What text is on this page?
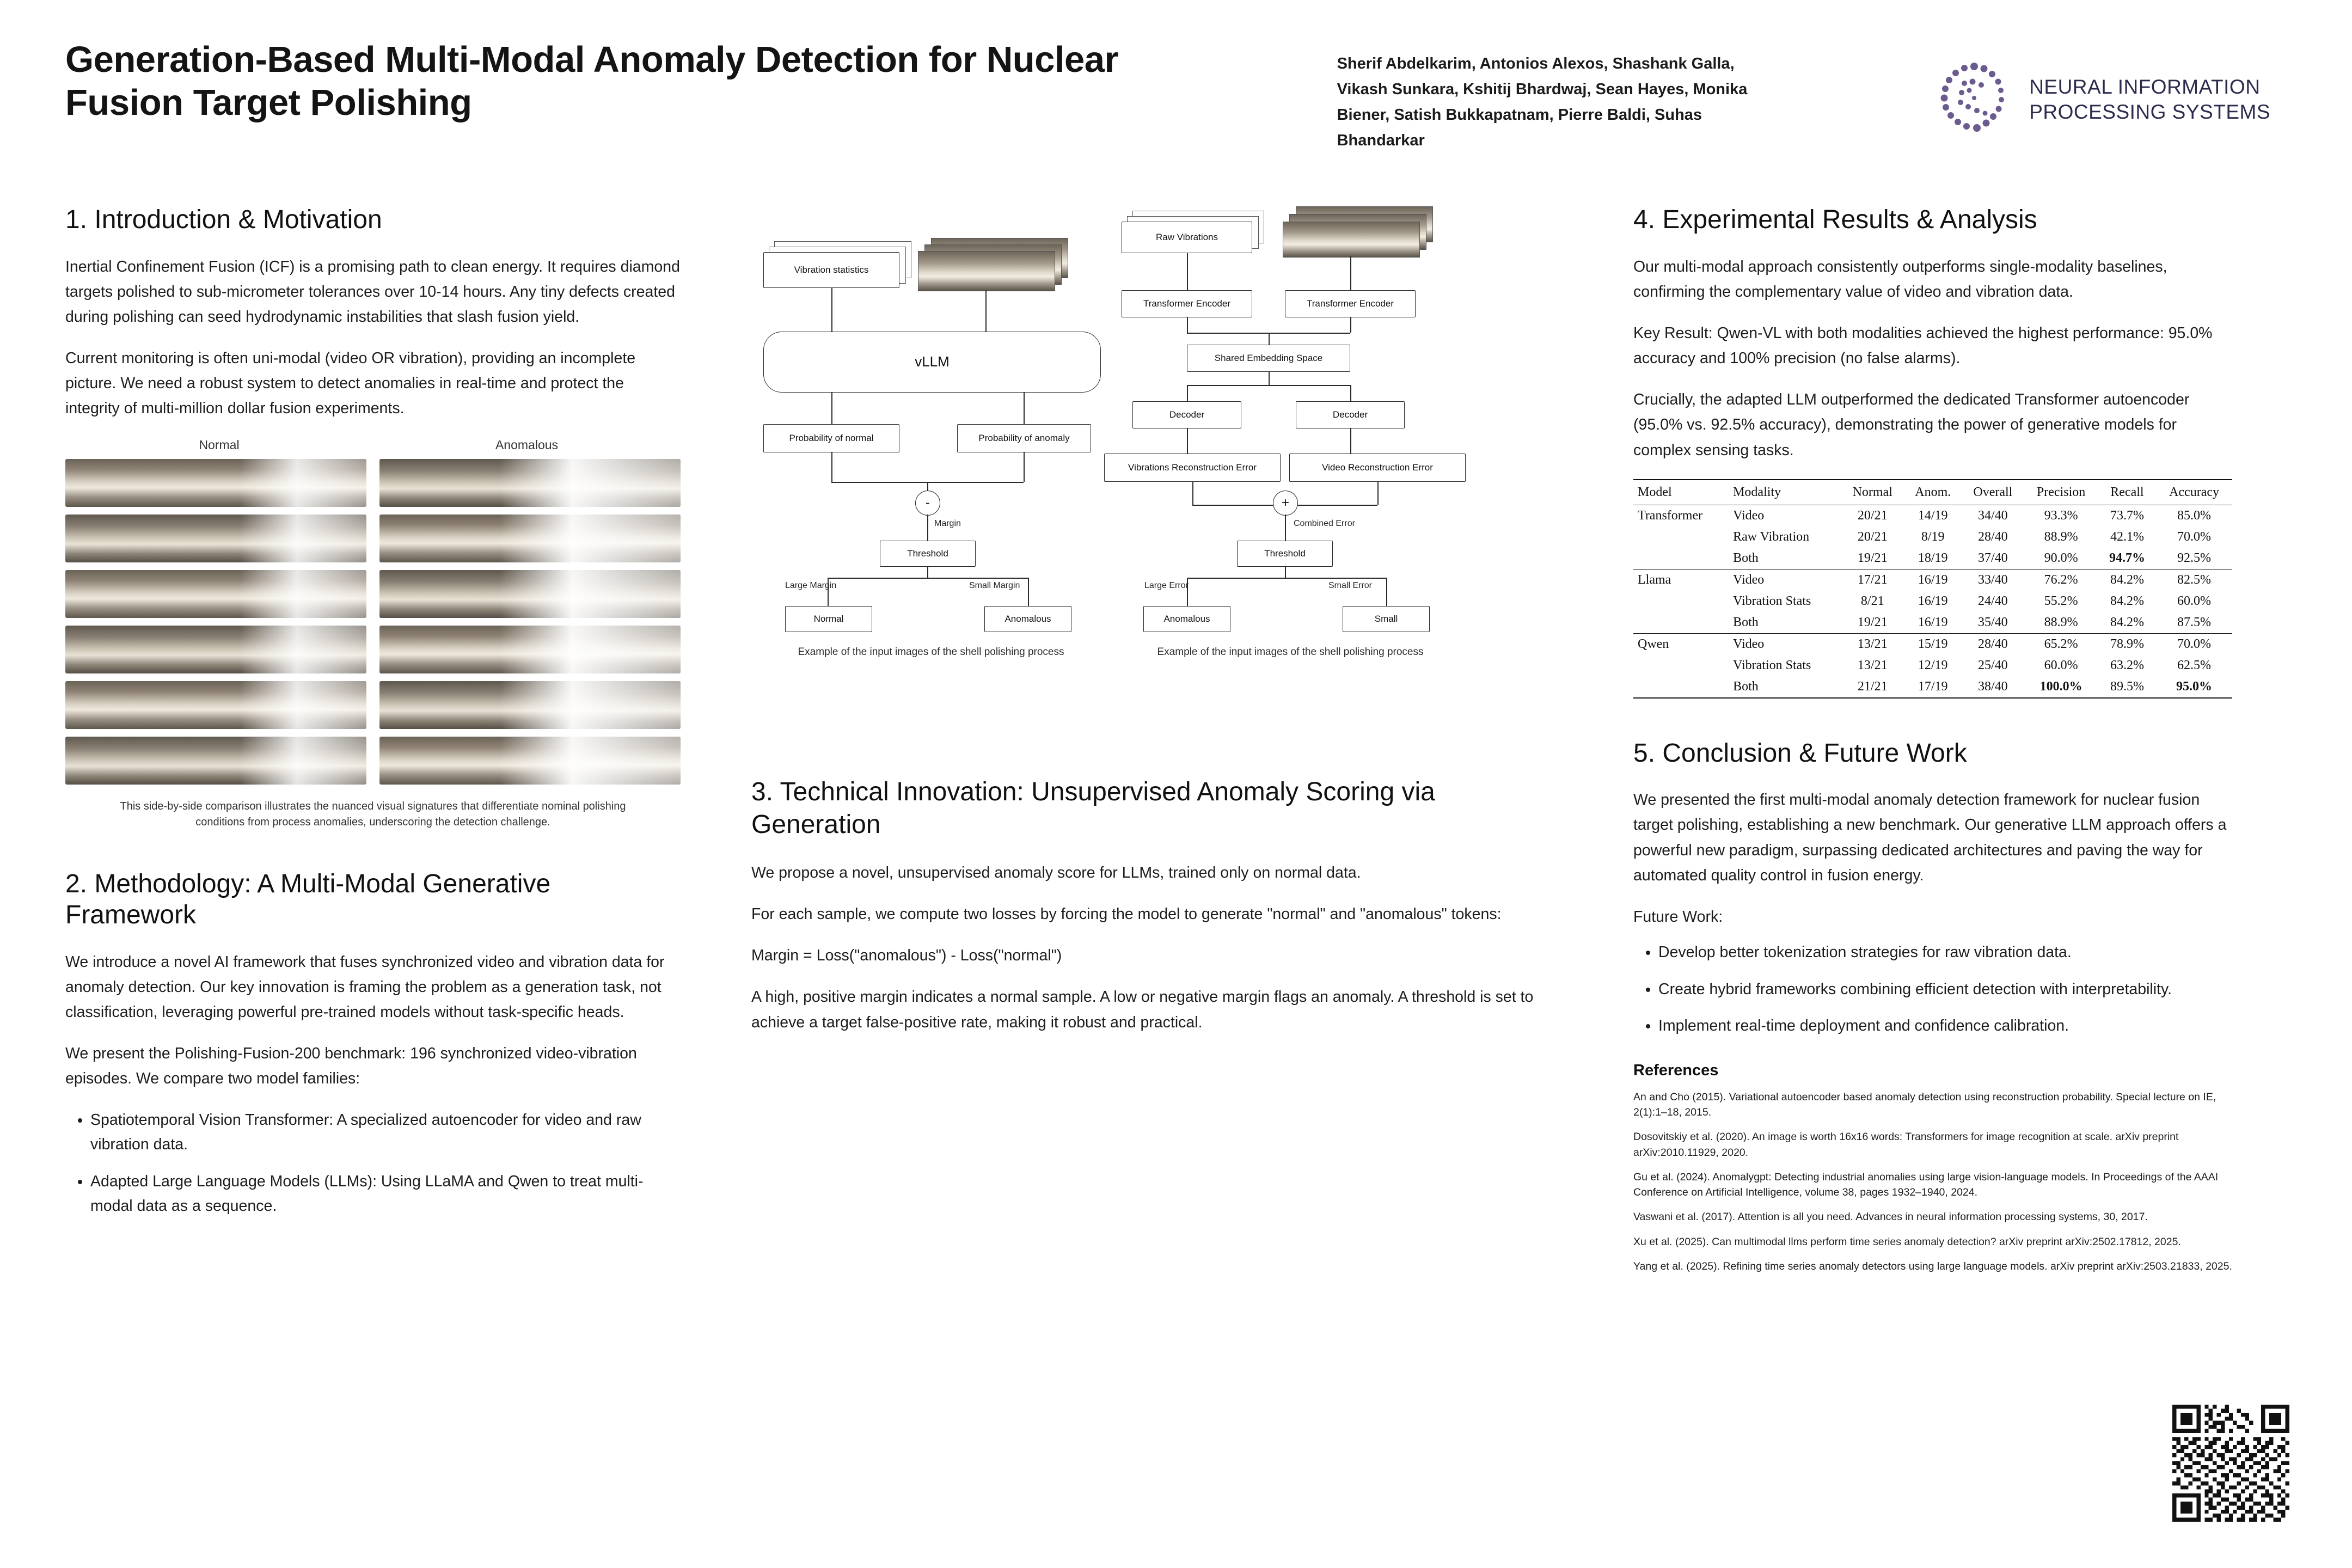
Generation-Based Multi-Modal Anomaly Detection for Nuclear Fusion Target Polishing
Sherif Abdelkarim, Antonios Alexos, Shashank Galla, Vikash Sunkara, Kshitij Bhardwaj, Sean Hayes, Monika Biener, Satish Bukkapatnam, Pierre Baldi, Suhas Bhandarkar
NEURAL INFORMATION
PROCESSING SYSTEMS
1. Introduction & Motivation

Inertial Confinement Fusion (ICF) is a promising path to clean energy. It requires diamond targets polished to sub-micrometer tolerances over 10-14 hours. Any tiny defects created during polishing can seed hydrodynamic instabilities that slash fusion yield.

Current monitoring is often uni-modal (video OR vibration), providing an incomplete picture. We need a robust system to detect anomalies in real-time and protect the integrity of multi-million dollar fusion experiments.

Normal	Anomalous
This side-by-side comparison illustrates the nuanced visual signatures that differentiate nominal polishing conditions from process anomalies, underscoring the detection challenge.
2. Methodology: A Multi-Modal Generative Framework

We introduce a novel AI framework that fuses synchronized video and vibration data for anomaly detection. Our key innovation is framing the problem as a generation task, not classification, leveraging powerful pre-trained models without task-specific heads.

We present the Polishing-Fusion-200 benchmark: 196 synchronized video-vibration episodes. We compare two model families:

• Spatiotemporal Vision Transformer: A specialized autoencoder for video and raw vibration data.
• Adapted Large Language Models (LLMs): Using LLaMA and Qwen to treat multi-modal data as a sequence.
Vibration statistics
vLLM
Probability of normal	Probability of anomaly
-
Margin
Threshold
Large Margin	Small Margin
Normal	Anomalous
Example of the input images of the shell polishing process
Raw Vibrations
Transformer Encoder	Transformer Encoder
Shared Embedding Space
Decoder	Decoder
Vibrations Reconstruction Error	Video Reconstruction Error
+
Combined Error
Threshold
Large Error	Small Error
Anomalous	Small
Example of the input images of the shell polishing process
3. Technical Innovation: Unsupervised Anomaly Scoring via Generation

We propose a novel, unsupervised anomaly score for LLMs, trained only on normal data.

For each sample, we compute two losses by forcing the model to generate "normal" and "anomalous" tokens:

Margin = Loss("anomalous") - Loss("normal")

A high, positive margin indicates a normal sample. A low or negative margin flags an anomaly. A threshold is set to achieve a target false-positive rate, making it robust and practical.

4. Experimental Results & Analysis

Our multi-modal approach consistently outperforms single-modality baselines, confirming the complementary value of video and vibration data.

Key Result: Qwen-VL with both modalities achieved the highest performance: 95.0% accuracy and 100% precision (no false alarms).

Crucially, the adapted LLM outperformed the dedicated Transformer autoencoder (95.0% vs. 92.5% accuracy), demonstrating the power of generative models for complex sensing tasks.

Model	Modality	Normal	Anom.	Overall	Precision	Recall	Accuracy
Transformer	Video	20/21	14/19	34/40	93.3%	73.7%	85.0%
	Raw Vibration	20/21	8/19	28/40	88.9%	42.1%	70.0%
	Both	19/21	18/19	37/40	90.0%	94.7%	92.5%
Llama	Video	17/21	16/19	33/40	76.2%	84.2%	82.5%
	Vibration Stats	8/21	16/19	24/40	55.2%	84.2%	60.0%
	Both	19/21	16/19	35/40	88.9%	84.2%	87.5%
Qwen	Video	13/21	15/19	28/40	65.2%	78.9%	70.0%
	Vibration Stats	13/21	12/19	25/40	60.0%	63.2%	62.5%
	Both	21/21	17/19	38/40	100.0%	89.5%	95.0%
5. Conclusion & Future Work

We presented the first multi-modal anomaly detection framework for nuclear fusion target polishing, establishing a new benchmark. Our generative LLM approach offers a powerful new paradigm, surpassing dedicated architectures and paving the way for automated quality control in fusion energy.

Future Work:

• Develop better tokenization strategies for raw vibration data.
• Create hybrid frameworks combining efficient detection with interpretability.
• Implement real-time deployment and confidence calibration.
References
An and Cho (2015). Variational autoencoder based anomaly detection using reconstruction probability. Special lecture on IE, 2(1):1–18, 2015.
Dosovitskiy et al. (2020). An image is worth 16x16 words: Transformers for image recognition at scale. arXiv preprint arXiv:2010.11929, 2020.
Gu et al. (2024). Anomalygpt: Detecting industrial anomalies using large vision-language models. In Proceedings of the AAAI Conference on Artificial Intelligence, volume 38, pages 1932–1940, 2024.
Vaswani et al. (2017). Attention is all you need. Advances in neural information processing systems, 30, 2017.
Xu et al. (2025). Can multimodal llms perform time series anomaly detection? arXiv preprint arXiv:2502.17812, 2025.
Yang et al. (2025). Refining time series anomaly detectors using large language models. arXiv preprint arXiv:2503.21833, 2025.
